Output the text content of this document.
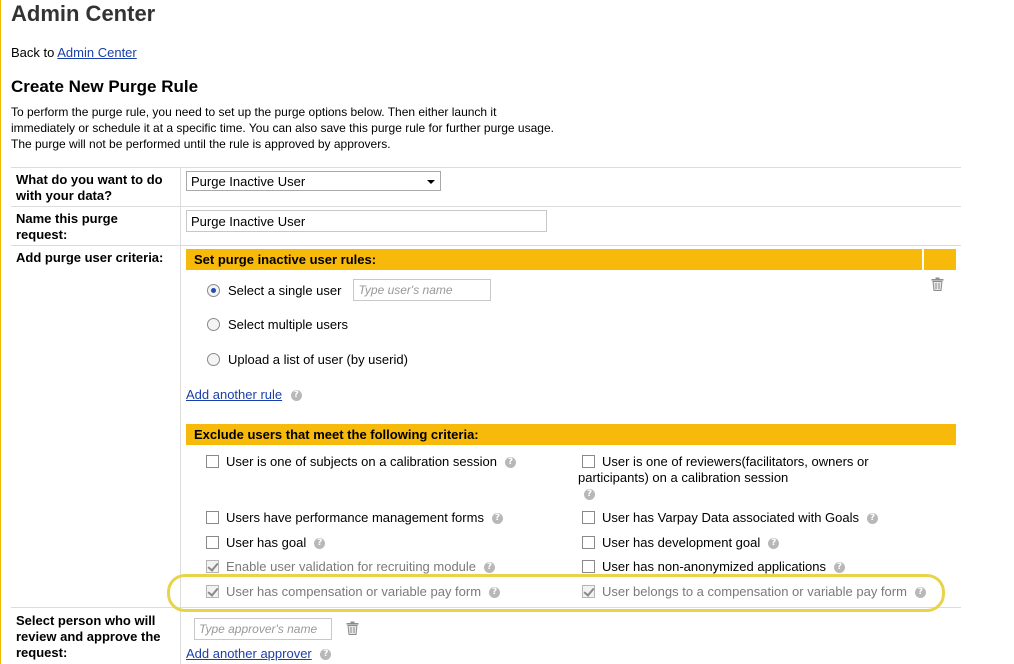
Admin Center
Back to Admin Center
Create New Purge Rule
To perform the purge rule, you need to set up the purge options below. Then either launch it
immediately or schedule it at a specific time. You can also save this purge rule for further purge usage.
The purge will not be performed until the rule is approved by approvers.
What do you want to do with your data?
Purge Inactive User
Name this purge request:
Purge Inactive User
Add purge user criteria:	Set purge inactive user rules:
Select a single user	Type user's name
Select multiple users
Upload a list of user (by userid)
Add another rule ?
Exclude users that meet the following criteria:
User is one of subjects on a calibration session ?
Users have performance management forms ?
User has goal ?
Enable user validation for recruiting module ?
User has compensation or variable pay form ?
User is one of reviewers(facilitators, owners or
participants) on a calibration session
?
User has Varpay Data associated with Goals ?
User has development goal ?
User has non-anonymized applications ?
User belongs to a compensation or variable pay form ?
Select person who will review and approve the request:
Type approver's name
Add another approver ?
